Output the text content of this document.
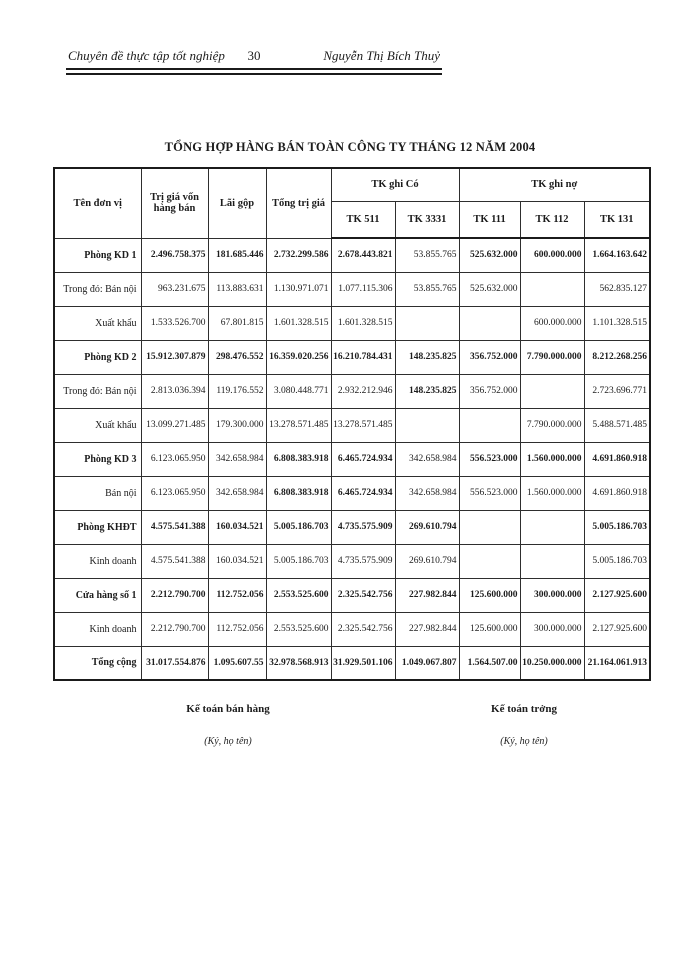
Chuyên đề thực tập tốt nghiệp	30	Nguyễn Thị Bích Thuỷ
TỔNG HỢP HÀNG BÁN TOÀN CÔNG TY THÁNG 12 NĂM 2004
Tên đơn vị	Trị giá vốn hàng bán	Lãi gộp	Tổng trị giá	TK ghi Có		TK ghi nợ		
				TK 511	TK 3331	TK 111	TK 112	TK 131
Phòng KD 1	2.496.758.375	181.685.446	2.732.299.586	2.678.443.821	53.855.765	525.632.000	600.000.000	1.664.163.642
Trong đó: Bán nội	963.231.675	113.883.631	1.130.971.071	1.077.115.306	53.855.765	525.632.000		562.835.127
Xuất khẩu	1.533.526.700	67.801.815	1.601.328.515	1.601.328.515			600.000.000	1.101.328.515
Phòng KD 2	15.912.307.879	298.476.552	16.359.020.256	16.210.784.431	148.235.825	356.752.000	7.790.000.000	8.212.268.256
Trong đó: Bán nội	2.813.036.394	119.176.552	3.080.448.771	2.932.212.946	148.235.825	356.752.000		2.723.696.771
Xuất khẩu	13.099.271.485	179.300.000	13.278.571.485	13.278.571.485			7.790.000.000	5.488.571.485
Phòng KD 3	6.123.065.950	342.658.984	6.808.383.918	6.465.724.934	342.658.984	556.523.000	1.560.000.000	4.691.860.918
Bán nội	6.123.065.950	342.658.984	6.808.383.918	6.465.724.934	342.658.984	556.523.000	1.560.000.000	4.691.860.918
Phòng KHĐT	4.575.541.388	160.034.521	5.005.186.703	4.735.575.909	269.610.794			5.005.186.703
Kinh doanh	4.575.541.388	160.034.521	5.005.186.703	4.735.575.909	269.610.794			5.005.186.703
Cửa hàng số 1	2.212.790.700	112.752.056	2.553.525.600	2.325.542.756	227.982.844	125.600.000	300.000.000	2.127.925.600
Kinh doanh	2.212.790.700	112.752.056	2.553.525.600	2.325.542.756	227.982.844	125.600.000	300.000.000	2.127.925.600
Tổng cộng	31.017.554.876	1.095.607.55	32.978.568.913	31.929.501.106	1.049.067.807	1.564.507.00	10.250.000.000	21.164.061.913
Kế toán bán hàng
(Ký, họ tên)
Kế toán trởng
(Ký, họ tên)
